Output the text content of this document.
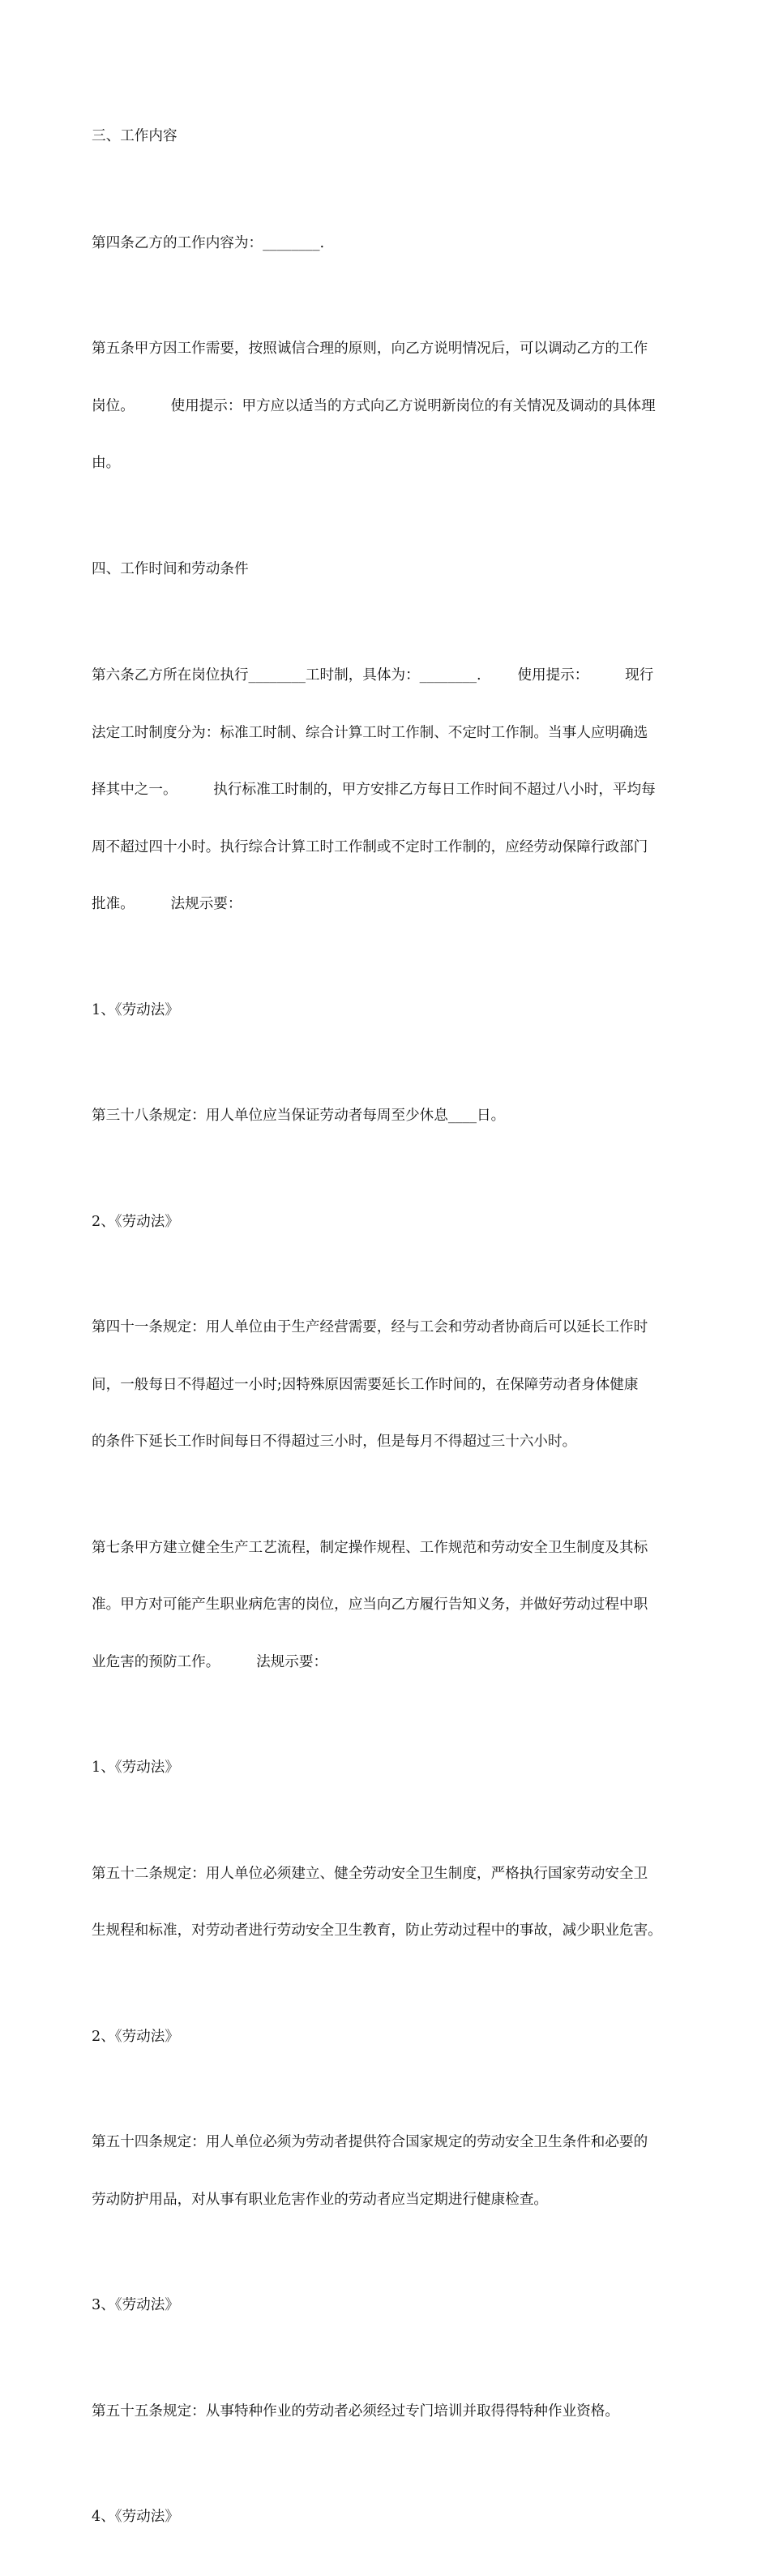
三、工作内容

第四条乙方的工作内容为：________.

第五条甲方因工作需要，按照诚信合理的原则，向乙方说明情况后，可以调动乙方的工作

岗位。        使用提示：甲方应以适当的方式向乙方说明新岗位的有关情况及调动的具体理

由。

四、工作时间和劳动条件

第六条乙方所在岗位执行________工时制，具体为：________.        使用提示：        现行

法定工时制度分为：标准工时制、综合计算工时工作制、不定时工作制。当事人应明确选

择其中之一。        执行标准工时制的，甲方安排乙方每日工作时间不超过八小时，平均每

周不超过四十小时。执行综合计算工时工作制或不定时工作制的，应经劳动保障行政部门

批准。        法规示要：

1、《劳动法》

第三十八条规定：用人单位应当保证劳动者每周至少休息____日。

2、《劳动法》

第四十一条规定：用人单位由于生产经营需要，经与工会和劳动者协商后可以延长工作时

间，一般每日不得超过一小时;因特殊原因需要延长工作时间的，在保障劳动者身体健康

的条件下延长工作时间每日不得超过三小时，但是每月不得超过三十六小时。

第七条甲方建立健全生产工艺流程，制定操作规程、工作规范和劳动安全卫生制度及其标

准。甲方对可能产生职业病危害的岗位，应当向乙方履行告知义务，并做好劳动过程中职

业危害的预防工作。        法规示要：

1、《劳动法》

第五十二条规定：用人单位必须建立、健全劳动安全卫生制度，严格执行国家劳动安全卫

生规程和标准，对劳动者进行劳动安全卫生教育，防止劳动过程中的事故，减少职业危害。

2、《劳动法》

第五十四条规定：用人单位必须为劳动者提供符合国家规定的劳动安全卫生条件和必要的

劳动防护用品，对从事有职业危害作业的劳动者应当定期进行健康检查。

3、《劳动法》

第五十五条规定：从事特种作业的劳动者必须经过专门培训并取得得特种作业资格。

4、《劳动法》
